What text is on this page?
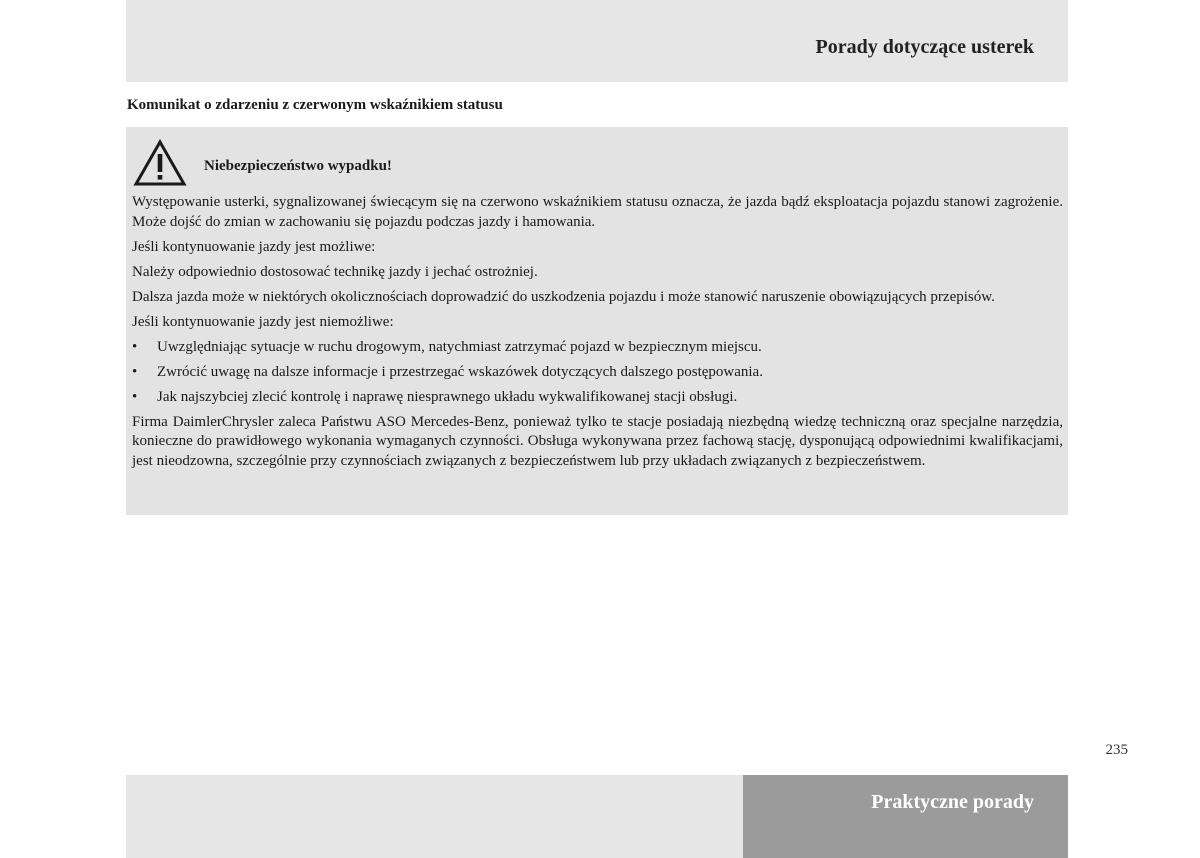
Porady dotyczące usterek
Komunikat o zdarzeniu z czerwonym wskaźnikiem statusu
Niebezpieczeństwo wypadku!

Występowanie usterki, sygnalizowanej świecącym się na czerwono wskaźnikiem statusu oznacza, że jazda bądź eksploatacja pojazdu stanowi zagrożenie. Może dojść do zmian w zachowaniu się pojazdu podczas jazdy i hamowania.

Jeśli kontynuowanie jazdy jest możliwe:

Należy odpowiednio dostosować technikę jazdy i jechać ostrożniej.

Dalsza jazda może w niektórych okolicznościach doprowadzić do uszkodzenia pojazdu i może stanowić naruszenie obowiązujących przepisów.

Jeśli kontynuowanie jazdy jest niemożliwe:

• Uwzględniając sytuacje w ruchu drogowym, natychmiast zatrzymać pojazd w bezpiecznym miejscu.
• Zwrócić uwagę na dalsze informacje i przestrzegać wskazówek dotyczących dalszego postępowania.
• Jak najszybciej zlecić kontrolę i naprawę niesprawnego układu wykwalifikowanej stacji obsługi.

Firma DaimlerChrysler zaleca Państwu ASO Mercedes-Benz, ponieważ tylko te stacje posiadają niezbędną wiedzę techniczną oraz specjalne narzędzia, konieczne do prawidłowego wykonania wymaganych czynności. Obsługa wykonywana przez fachową stację, dysponującą odpowiednimi kwalifikacjami, jest nieodzowna, szczególnie przy czynnościach związanych z bezpieczeństwem lub przy układach związanych z bezpieczeństwem.

235
Praktyczne porady
